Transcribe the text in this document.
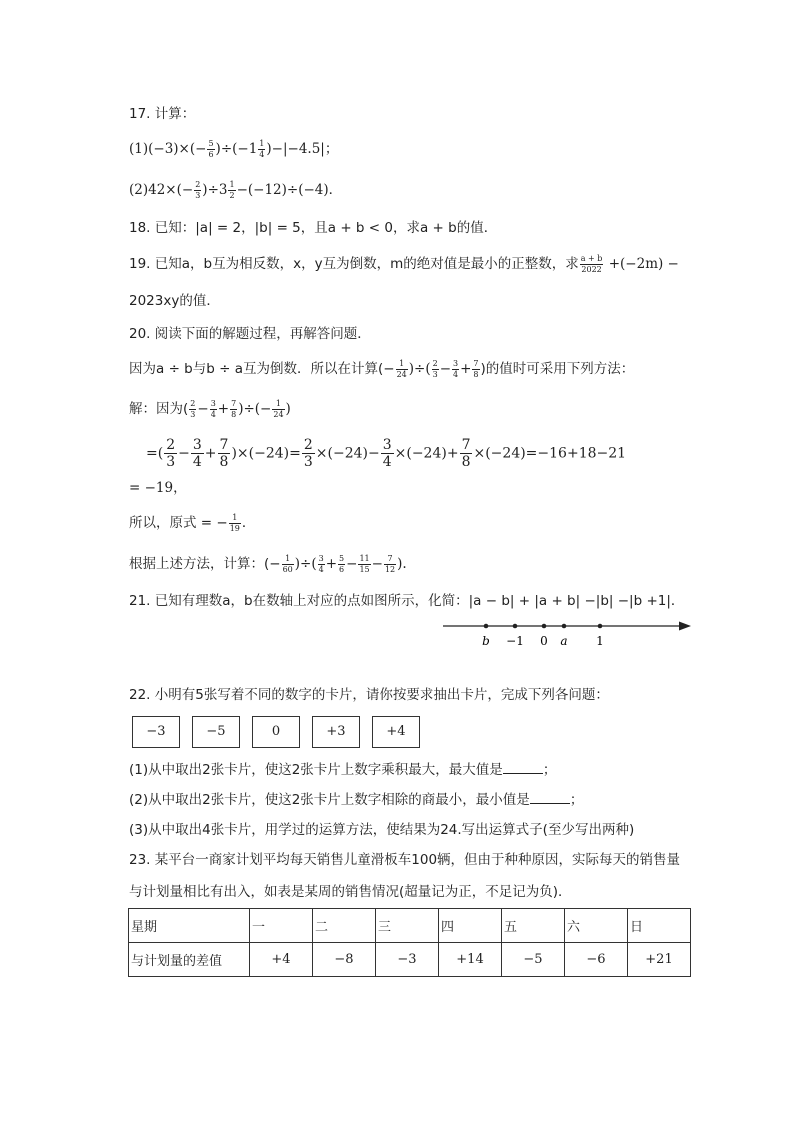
17. 计算：
$(1)(-3)\times(- \frac{5}{6} )\div(-1 \frac{1}{4} )-|-4.5|$；
$(2)42\times(- \frac{2}{3} )\div 3 \frac{1}{2} -(-12)\div(-4)$．
18. 已知：|a| = 2，|b| = 5，且a + b < 0，求a + b的值．
19. 已知a，b互为相反数，x，y互为倒数，m的绝对值是最小的正整数，求 $\frac{a + b}{2022} +(-2m)$ −
2023xy的值．
20. 阅读下面的解题过程，再解答问题．
因为a ÷ b与b ÷ a互为倒数．所以在计算(− $\frac{1}{24}$ )÷( $\frac{2}{3} - \frac{3}{4} + \frac{7}{8}$ )的值时可采用下列方法：
解：因为( $\frac{2}{3} - \frac{3}{4} + \frac{7}{8}$ )÷(− $\frac{1}{24}$ )
=( $\frac{2}{3} - \frac{3}{4} + \frac{7}{8} )\times(-24)= \frac{2}{3} \times(-24)- \frac{3}{4} \times(-24)+ \frac{7}{8} \times(-24)=-16+18-21$
= −19，
所以，原式 = − $\frac{1}{19}$ ．
根据上述方法，计算：(− $\frac{1}{60}$ )÷( $\frac{3}{4} + \frac{5}{6} - \frac{11}{15} - \frac{7}{12}$ ).
21. 已知有理数a，b在数轴上对应的点如图所示，化简：|a − b| + |a + b| −|b| −|b +1|．
b −1 0 a 1
22. 小明有5张写着不同的数字的卡片，请你按要求抽出卡片，完成下列各问题：
−3	−5	0	+3	+4
(1)从中取出2张卡片，使这2张卡片上数字乘积最大，最大值是	；
(2)从中取出2张卡片，使这2张卡片上数字相除的商最小，最小值是	；
(3)从中取出4张卡片，用学过的运算方法，使结果为24.写出运算式子(至少写出两种)
23. 某平台一商家计划平均每天销售儿童滑板车100辆，但由于种种原因，实际每天的销售量
与计划量相比有出入，如表是某周的销售情况(超量记为正，不足记为负)．
星期	一	二	三	四	五	六	日
与计划量的差值	+4	−8	−3	+14	−5	−6	+21
